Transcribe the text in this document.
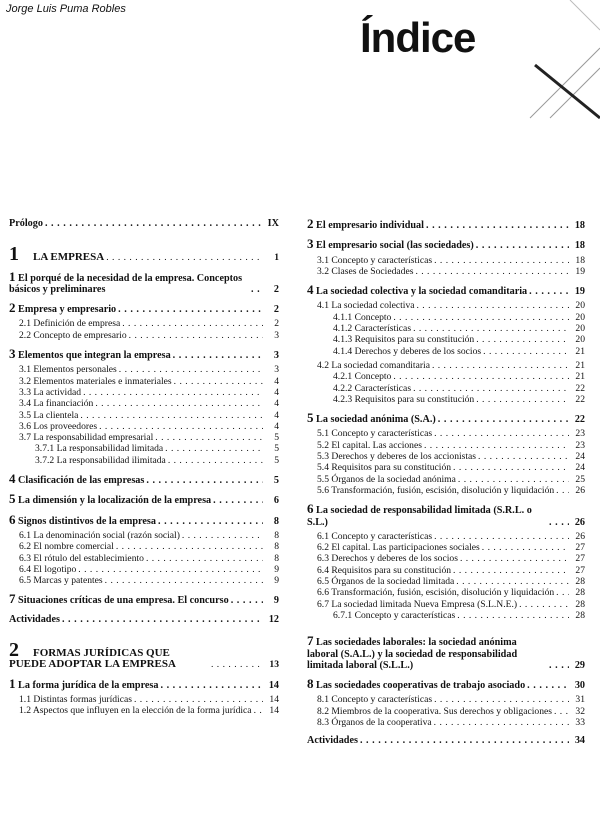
Jorge Luis Puma Robles
Índice
Prólogo . . .	IX
1 LA EMPRESA . . .	1
1 El porqué de la necesidad de la empresa. Conceptos básicos y preliminares . . .	2
2 Empresa y empresario . . .	2
2.1 Definición de empresa . . .	2
2.2 Concepto de empresario . . .	3
3 Elementos que integran la empresa . . .	3
3.1 Elementos personales . . .	3
3.2 Elementos materiales e inmateriales . . .	4
3.3 La actividad . . .	4
3.4 La financiación . . .	4
3.5 La clientela . . .	4
3.6 Los proveedores . . .	4
3.7 La responsabilidad empresarial . . .	5
3.7.1 La responsabilidad limitada . . .	5
3.7.2 La responsabilidad ilimitada . . .	5
4 Clasificación de las empresas . . .	5
5 La dimensión y la localización de la empresa . . .	6
6 Signos distintivos de la empresa . . .	8
6.1 La denominación social (razón social) . . .	8
6.2 El nombre comercial . . .	8
6.3 El rótulo del establecimiento . . .	8
6.4 El logotipo . . .	9
6.5 Marcas y patentes . . .	9
7 Situaciones críticas de una empresa. El concurso . . .	9
Actividades . . .	12
2 FORMAS JURÍDICAS QUE PUEDE ADOPTAR LA EMPRESA . . .	13
1 La forma jurídica de la empresa . . .	14
1.1 Distintas formas jurídicas . . .	14
1.2 Aspectos que influyen en la elección de la forma jurídica . . .	14
2 El empresario individual . . .	18
3 El empresario social (las sociedades) . . .	18
3.1 Concepto y características . . .	18
3.2 Clases de Sociedades . . .	19
4 La sociedad colectiva y la sociedad comanditaria . . .	19
4.1 La sociedad colectiva . . .	20
4.1.1 Concepto . . .	20
4.1.2 Características . . .	20
4.1.3 Requisitos para su constitución . . .	20
4.1.4 Derechos y deberes de los socios . . .	21
4.2 La sociedad comanditaria . . .	21
4.2.1 Concepto . . .	21
4.2.2 Características . . .	22
4.2.3 Requisitos para su constitución . . .	22
5 La sociedad anónima (S.A.) . . .	22
5.1 Concepto y características . . .	23
5.2 El capital. Las acciones . . .	23
5.3 Derechos y deberes de los accionistas . . .	24
5.4 Requisitos para su constitución . . .	24
5.5 Órganos de la sociedad anónima . . .	25
5.6 Transformación, fusión, escisión, disolución y liquidación . . .	26
6 La sociedad de responsabilidad limitada (S.R.L. o S.L.) . . .	26
6.1 Concepto y características . . .	26
6.2 El capital. Las participaciones sociales . . .	27
6.3 Derechos y deberes de los socios . . .	27
6.4 Requisitos para su constitución . . .	27
6.5 Órganos de la sociedad limitada . . .	28
6.6 Transformación, fusión, escisión, disolución y liquidación . . .	28
6.7 La sociedad limitada Nueva Empresa (S.L.N.E.) . . .	28
6.7.1 Concepto y características . . .	28
7 Las sociedades laborales: la sociedad anónima laboral (S.A.L.) y la sociedad de responsabilidad limitada laboral (S.L.L.) . . .	29
8 Las sociedades cooperativas de trabajo asociado . . .	30
8.1 Concepto y características . . .	31
8.2 Miembros de la cooperativa. Sus derechos y obligaciones . . .	32
8.3 Órganos de la cooperativa . . .	33
Actividades . . .	34
